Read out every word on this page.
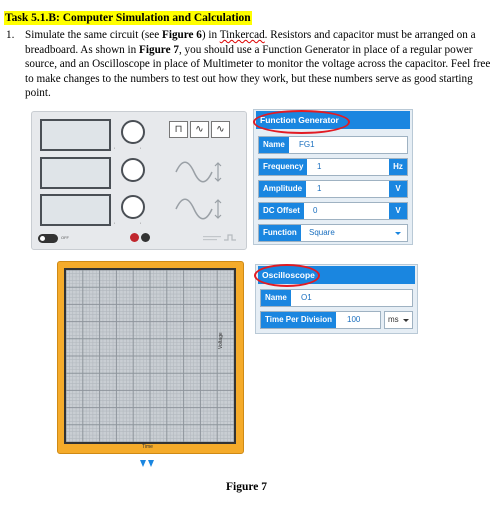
Task 5.1.B: Computer Simulation and Calculation
1. Simulate the same circuit (see Figure 6) in Tinkercad. Resistors and capacitor must be arranged on a breadboard. As shown in Figure 7, you should use a Function Generator in place of a regular power source, and an Oscilloscope in place of Multimeter to monitor the voltage across the capacitor. Feel free to make changes to the numbers to test out how they work, but these numbers serve as good starting point.
▪	▪
▪	▪
⊓	∿	∿
OFF
Function Generator
Name	FG1
Frequency	1	Hz
Amplitude	1	V
DC Offset	0	V
Function	Square
Voltage
Time
Oscilloscope
Name	O1
Time Per Division	100	ms
Figure 7
